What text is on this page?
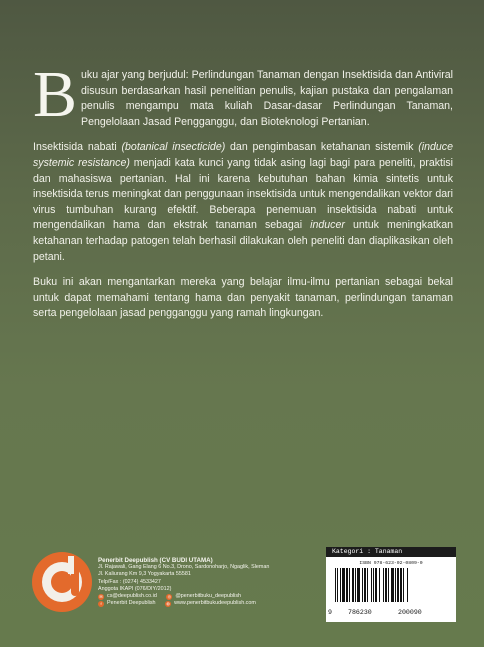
Buku ajar yang berjudul: Perlindungan Tanaman dengan Insektisida dan Antiviral disusun berdasarkan hasil penelitian penulis, kajian pustaka dan pengalaman penulis mengampu mata kuliah Dasar-dasar Perlindungan Tanaman, Pengelolaan Jasad Pengganggu, dan Bioteknologi Pertanian.

Insektisida nabati (botanical insecticide) dan pengimbasan ketahanan sistemik (induce systemic resistance) menjadi kata kunci yang tidak asing lagi bagi para peneliti, praktisi dan mahasiswa pertanian. Hal ini karena kebutuhan bahan kimia sintetis untuk insektisida terus meningkat dan penggunaan insektisida untuk mengendalikan vektor dari virus tumbuhan kurang efektif. Beberapa penemuan insektisida nabati untuk mengendalikan hama dan ekstrak tanaman sebagai inducer untuk meningkatkan ketahanan terhadap patogen telah berhasil dilakukan oleh peneliti dan diaplikasikan oleh petani.

Buku ini akan mengantarkan mereka yang belajar ilmu-ilmu pertanian sebagai bekal untuk dapat memahami tentang hama dan penyakit tanaman, perlindungan tanaman serta pengelolaan jasad pengganggu yang ramah lingkungan.

Penerbit Deepublish (CV BUDI UTAMA)
Jl. Rajawali, Gang Elang 6 No.3, Drono, Sardonoharjo, Ngaglik, Sleman
Jl. Kaliurang Km 9,3 Yogyakarta 55581
Telp/Fax : (0274) 4533427
Anggota IKAPI (076/DIY/2012)
✉ cs@deepublish.co.id	◎ @penerbitbuku_deepublish
f Penerbit Deepublish	◍ www.penerbitbukudeepublish.com
Kategori : Tanaman
ISBN 978-623-02-0809-0
9 786230	200090
